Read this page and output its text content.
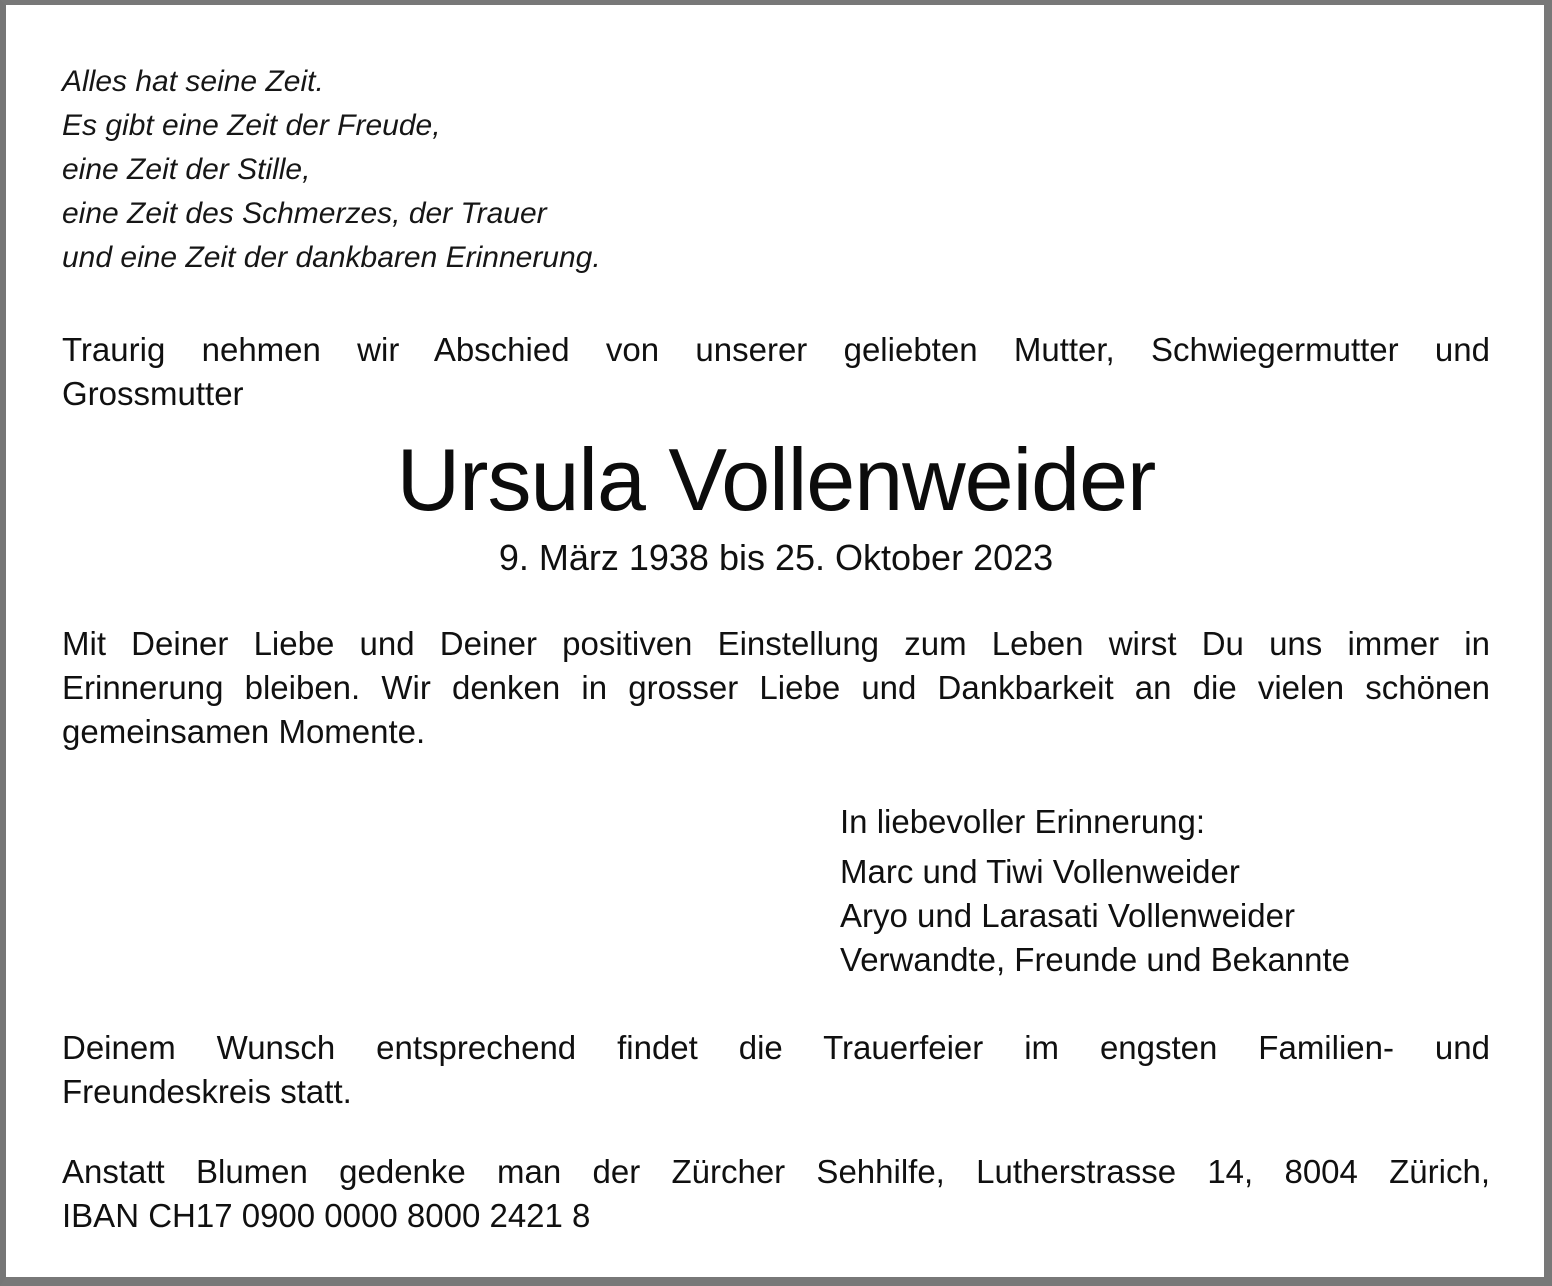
Alles hat seine Zeit.
Es gibt eine Zeit der Freude,
eine Zeit der Stille,
eine Zeit des Schmerzes, der Trauer
und eine Zeit der dankbaren Erinnerung.

Traurig nehmen wir Abschied von unserer geliebten Mutter, Schwiegermutter und
Grossmutter

Ursula Vollenweider
9. März 1938 bis 25. Oktober 2023

Mit Deiner Liebe und Deiner positiven Einstellung zum Leben wirst Du uns immer in
Erinnerung bleiben. Wir denken in grosser Liebe und Dankbarkeit an die vielen schönen
gemeinsamen Momente.

In liebevoller Erinnerung:
Marc und Tiwi Vollenweider
Aryo und Larasati Vollenweider
Verwandte, Freunde und Bekannte

Deinem Wunsch entsprechend findet die Trauerfeier im engsten Familien- und
Freundeskreis statt.

Anstatt Blumen gedenke man der Zürcher Sehhilfe, Lutherstrasse 14, 8004 Zürich,
IBAN CH17 0900 0000 8000 2421 8
